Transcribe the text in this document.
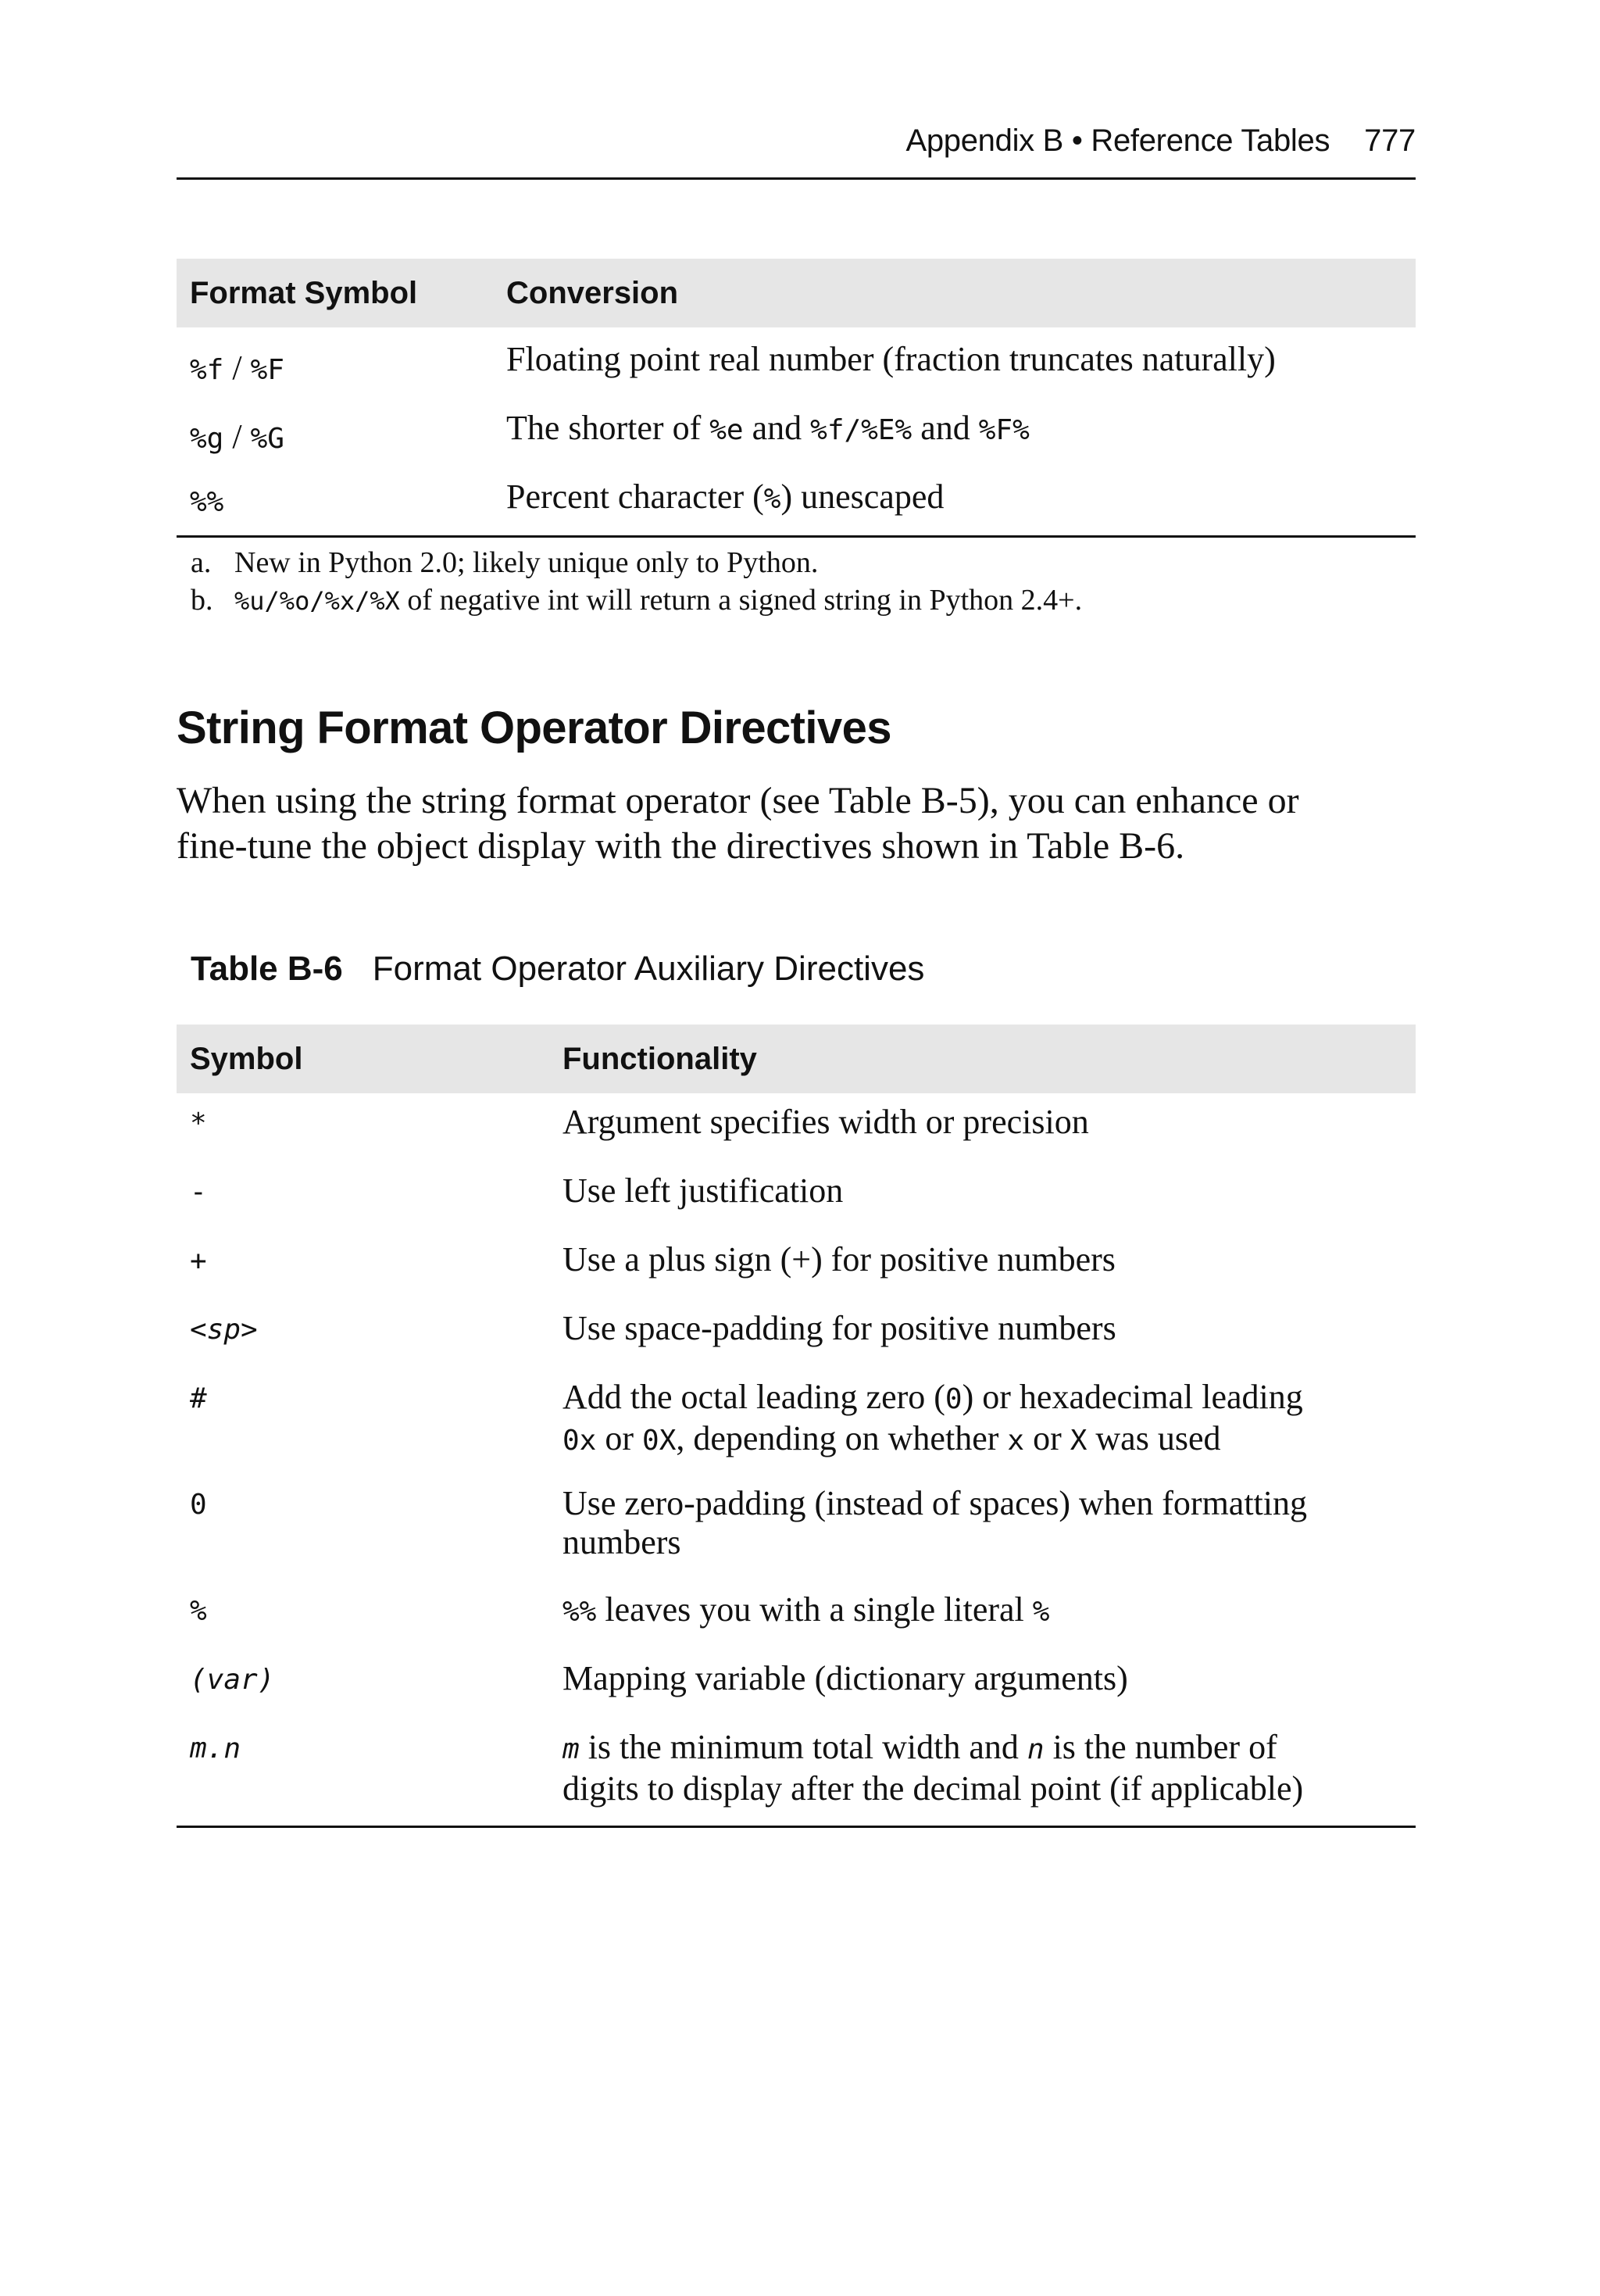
Appendix B • Reference Tables 777
Format Symbol	Conversion
%f / %F	Floating point real number (fraction truncates naturally)
%g / %G	The shorter of %e and %f/%E% and %F%
%%	Percent character (%) unescaped
a. New in Python 2.0; likely unique only to Python.
b. %u/%o/%x/%X of negative int will return a signed string in Python 2.4+.
String Format Operator Directives

When using the string format operator (see Table B-5), you can enhance or
fine-tune the object display with the directives shown in Table B-6.

Table B-6 Format Operator Auxiliary Directives
Symbol	Functionality
*	Argument specifies width or precision
-	Use left justification
+	Use a plus sign (+) for positive numbers
<sp>	Use space-padding for positive numbers
#	Add the octal leading zero (0) or hexadecimal leading
0x or 0X, depending on whether x or X was used
0	Use zero-padding (instead of spaces) when formatting
numbers
%	%% leaves you with a single literal %
(var)	Mapping variable (dictionary arguments)
m.n	m is the minimum total width and n is the number of
digits to display after the decimal point (if applicable)
